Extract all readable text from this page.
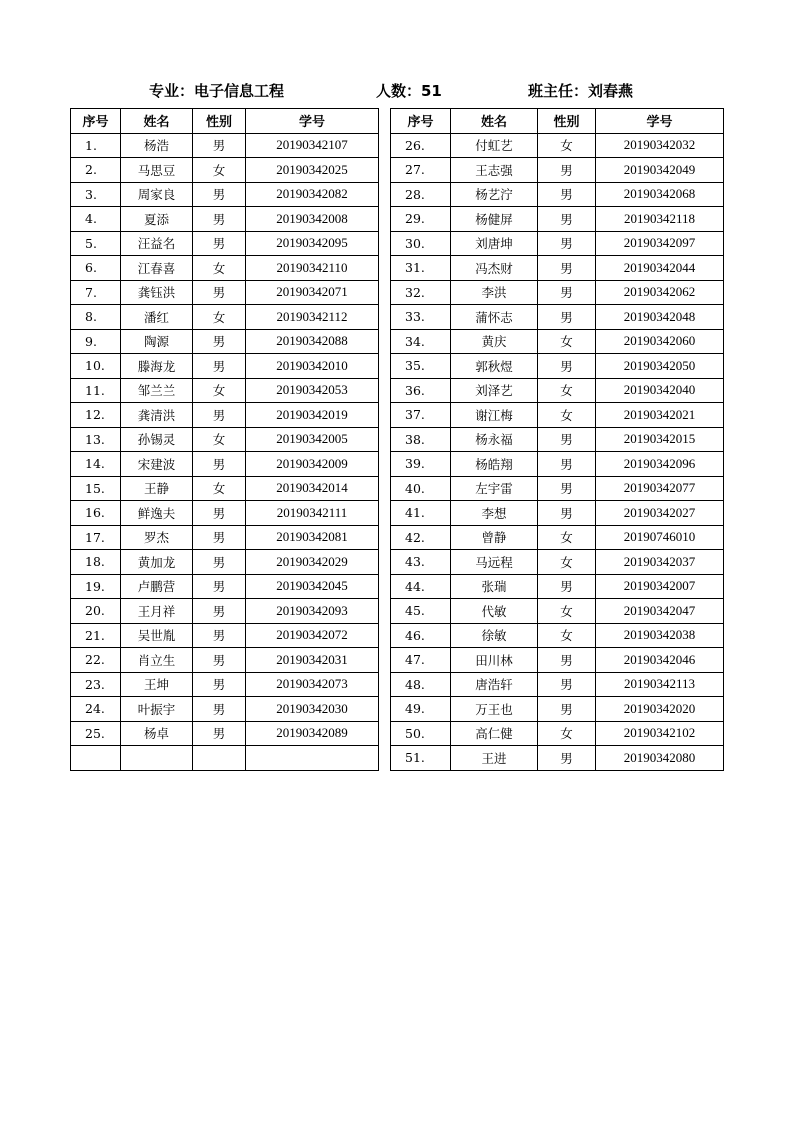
专业：电子信息工程	人数：51	班主任：刘春燕
序号	姓名	性别	学号
1.	杨浩	男	20190342107
2.	马思豆	女	20190342025
3.	周家良	男	20190342082
4.	夏添	男	20190342008
5.	汪益名	男	20190342095
6.	江春喜	女	20190342110
7.	龚钰洪	男	20190342071
8.	潘红	女	20190342112
9.	陶源	男	20190342088
10.	滕海龙	男	20190342010
11.	邹兰兰	女	20190342053
12.	龚清洪	男	20190342019
13.	孙锡灵	女	20190342005
14.	宋建波	男	20190342009
15.	王静	女	20190342014
16.	鲜逸夫	男	20190342111
17.	罗杰	男	20190342081
18.	黄加龙	男	20190342029
19.	卢鹏营	男	20190342045
20.	王月祥	男	20190342093
21.	吴世胤	男	20190342072
22.	肖立生	男	20190342031
23.	王坤	男	20190342073
24.	叶振宇	男	20190342030
25.	杨卓	男	20190342089

序号	姓名	性别	学号
26.	付虹艺	女	20190342032
27.	王志强	男	20190342049
28.	杨艺泞	男	20190342068
29.	杨健屏	男	20190342118
30.	刘唐坤	男	20190342097
31.	冯杰财	男	20190342044
32.	李洪	男	20190342062
33.	蒲怀志	男	20190342048
34.	黄庆	女	20190342060
35.	郭秋煜	男	20190342050
36.	刘泽艺	女	20190342040
37.	谢江梅	女	20190342021
38.	杨永福	男	20190342015
39.	杨皓翔	男	20190342096
40.	左宇雷	男	20190342077
41.	李想	男	20190342027
42.	曾静	女	20190746010
43.	马远程	女	20190342037
44.	张瑞	男	20190342007
45.	代敏	女	20190342047
46.	徐敏	女	20190342038
47.	田川林	男	20190342046
48.	唐浩轩	男	20190342113
49.	万王也	男	20190342020
50.	高仁健	女	20190342102
51.	王进	男	20190342080
